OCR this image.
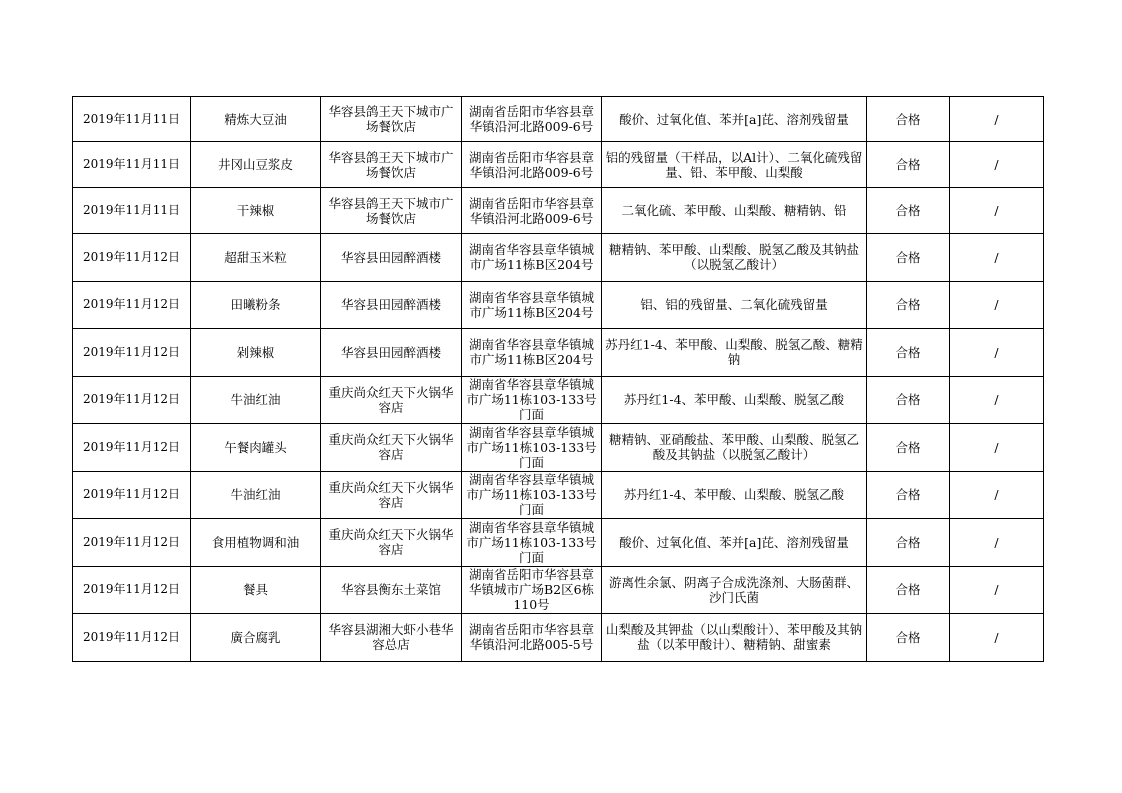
2019年11月11日	精炼大豆油	华容县鸽王天下城市广场餐饮店	湖南省岳阳市华容县章华镇沿河北路009-6号	酸价、过氧化值、苯并[a]芘、溶剂残留量	合格	/
2019年11月11日	井冈山豆浆皮	华容县鸽王天下城市广场餐饮店	湖南省岳阳市华容县章华镇沿河北路009-6号	铝的残留量（干样品，以Al计）、二氧化硫残留量、铅、苯甲酸、山梨酸	合格	/
2019年11月11日	干辣椒	华容县鸽王天下城市广场餐饮店	湖南省岳阳市华容县章华镇沿河北路009-6号	二氧化硫、苯甲酸、山梨酸、糖精钠、铅	合格	/
2019年11月12日	超甜玉米粒	华容县田园醉酒楼	湖南省华容县章华镇城市广场11栋B区204号	糖精钠、苯甲酸、山梨酸、脱氢乙酸及其钠盐（以脱氢乙酸计）	合格	/
2019年11月12日	田曦粉条	华容县田园醉酒楼	湖南省华容县章华镇城市广场11栋B区204号	铝、铝的残留量、二氧化硫残留量	合格	/
2019年11月12日	剁辣椒	华容县田园醉酒楼	湖南省华容县章华镇城市广场11栋B区204号	苏丹红1-4、苯甲酸、山梨酸、脱氢乙酸、糖精钠	合格	/
2019年11月12日	牛油红油	重庆尚众红天下火锅华容店	湖南省华容县章华镇城市广场11栋103-133号门面	苏丹红1-4、苯甲酸、山梨酸、脱氢乙酸	合格	/
2019年11月12日	午餐肉罐头	重庆尚众红天下火锅华容店	湖南省华容县章华镇城市广场11栋103-133号门面	糖精钠、亚硝酸盐、苯甲酸、山梨酸、脱氢乙酸及其钠盐（以脱氢乙酸计）	合格	/
2019年11月12日	牛油红油	重庆尚众红天下火锅华容店	湖南省华容县章华镇城市广场11栋103-133号门面	苏丹红1-4、苯甲酸、山梨酸、脱氢乙酸	合格	/
2019年11月12日	食用植物调和油	重庆尚众红天下火锅华容店	湖南省华容县章华镇城市广场11栋103-133号门面	酸价、过氧化值、苯并[a]芘、溶剂残留量	合格	/
2019年11月12日	餐具	华容县衡东土菜馆	湖南省岳阳市华容县章华镇城市广场B2区6栋110号	游离性余氯、阴离子合成洗涤剂、大肠菌群、沙门氏菌	合格	/
2019年11月12日	廣合腐乳	华容县湖湘大虾小巷华容总店	湖南省岳阳市华容县章华镇沿河北路005-5号	山梨酸及其钾盐（以山梨酸计）、苯甲酸及其钠盐（以苯甲酸计）、糖精钠、甜蜜素	合格	/
